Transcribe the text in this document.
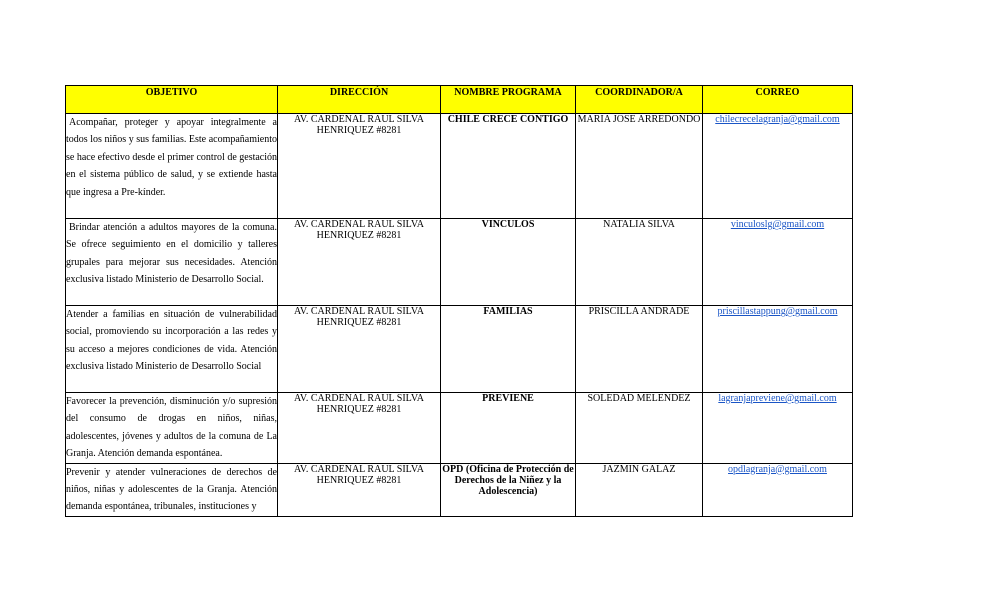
OBJETIVO	DIRECCIÓN	NOMBRE PROGRAMA	COORDINADOR/A	CORREO
Acompañar, proteger y apoyar integralmente a todos los niños y sus familias. Este acompañamiento se hace efectivo desde el primer control de gestación en el sistema público de salud, y se extiende hasta que ingresa a Pre-kínder.	AV. CARDENAL RAUL SILVA HENRIQUEZ #8281	CHILE CRECE CONTIGO	MARIA JOSE ARREDONDO	chilecrecelagranja@gmail.com
Brindar atención a adultos mayores de la comuna. Se ofrece seguimiento en el domicilio y talleres grupales para mejorar sus necesidades. Atención exclusiva listado Ministerio de Desarrollo Social.	AV. CARDENAL RAUL SILVA HENRIQUEZ #8281	VINCULOS	NATALIA SILVA	vinculoslg@gmail.com
Atender a familias en situación de vulnerabilidad social, promoviendo su incorporación a las redes y su acceso a mejores condiciones de vida. Atención exclusiva listado Ministerio de Desarrollo Social	AV. CARDENAL RAUL SILVA HENRIQUEZ #8281	FAMILIAS	PRISCILLA ANDRADE	priscillastappung@gmail.com
Favorecer la prevención, disminución y/o supresión del consumo de drogas en niños, niñas, adolescentes, jóvenes y adultos de la comuna de La Granja. Atención demanda espontánea.	AV. CARDENAL RAUL SILVA HENRIQUEZ #8281	PREVIENE	SOLEDAD MELENDEZ	lagranjapreviene@gmail.com

Prevenir y atender vulneraciones de derechos de niños, niñas y adolescentes de la Granja. Atención demanda espontánea, tribunales, instituciones y	AV. CARDENAL RAUL SILVA HENRIQUEZ #8281	OPD (Oficina de Protección de Derechos de la Niñez y la Adolescencia)	JAZMIN GALAZ	opdlagranja@gmail.com
